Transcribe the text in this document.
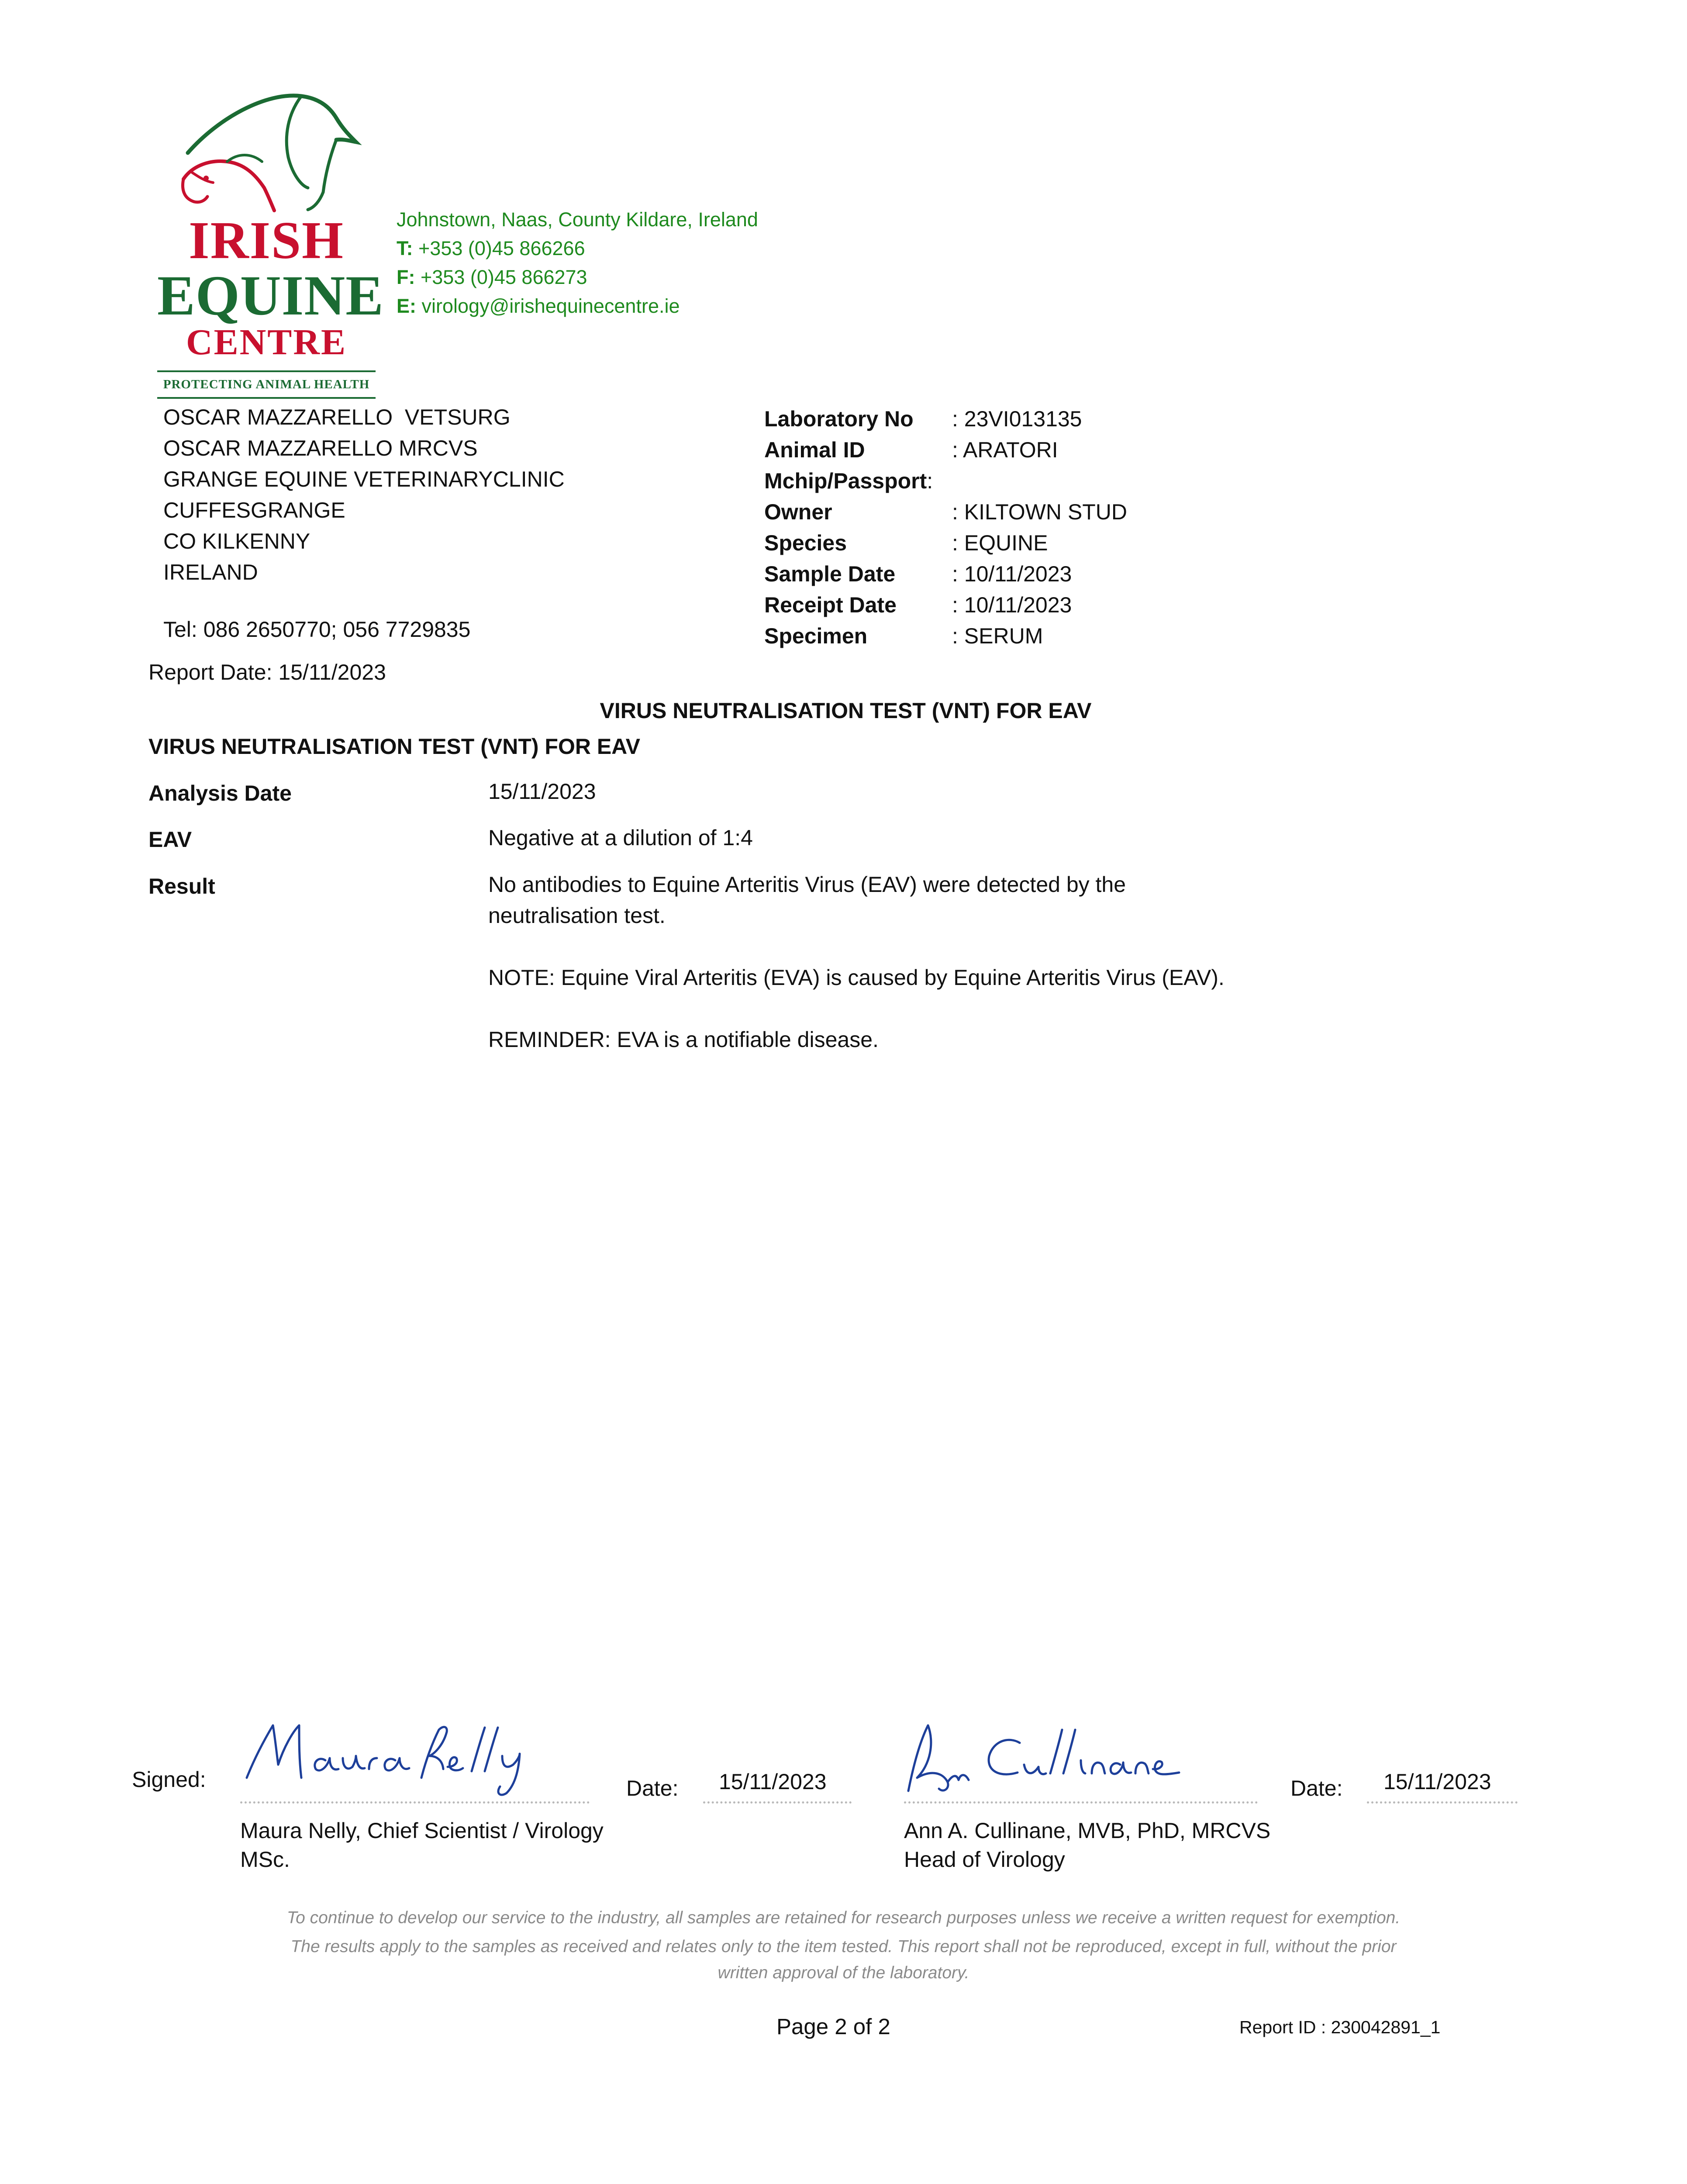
IRISH
EQUINE
CENTRE
PROTECTING ANIMAL HEALTH
Johnstown, Naas, County Kildare, Ireland
T: +353 (0)45 866266
F: +353 (0)45 866273
E: virology@irishequinecentre.ie
OSCAR MAZZARELLO  VETSURG
OSCAR MAZZARELLO MRCVS
GRANGE EQUINE VETERINARYCLINIC
CUFFESGRANGE
CO KILKENNY
IRELAND
Tel: 086 2650770; 056 7729835
Laboratory No : 23VI013135
Animal ID	: ARATORI
Mchip/Passport:
Owner	: KILTOWN STUD
Species	: EQUINE
Sample Date	: 10/11/2023
Receipt Date	: 10/11/2023
Specimen	: SERUM
Report Date: 15/11/2023
VIRUS NEUTRALISATION TEST (VNT) FOR EAV
VIRUS NEUTRALISATION TEST (VNT) FOR EAV
Analysis Date	15/11/2023
EAV	Negative at a dilution of 1:4
Result	No antibodies to Equine Arteritis Virus (EAV) were detected by the neutralisation test.

NOTE: Equine Viral Arteritis (EVA) is caused by Equine Arteritis Virus (EAV).

REMINDER: EVA is a notifiable disease.

Signed:	Date: 15/11/2023
Maura Nelly, Chief Scientist / Virology
MSc.
Date: 15/11/2023
Ann A. Cullinane, MVB, PhD, MRCVS
Head of Virology
To continue to develop our service to the industry, all samples are retained for research purposes unless we receive a written request for exemption.
The results apply to the samples as received and relates only to the item tested. This report shall not be reproduced, except in full, without the prior
written approval of the laboratory.
Page 2 of 2	Report ID : 230042891_1
